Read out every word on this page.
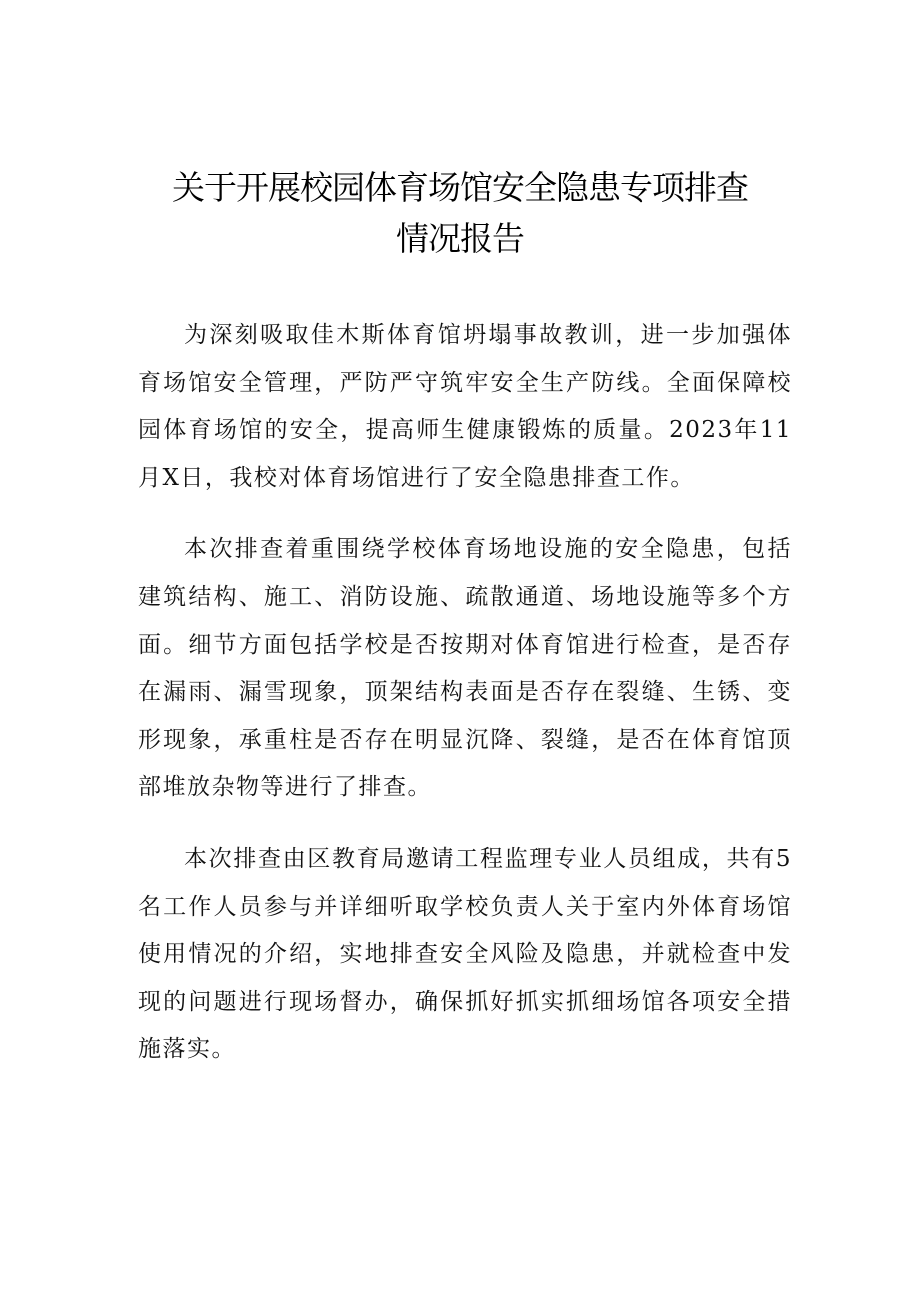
关于开展校园体育场馆安全隐患专项排查
情况报告

为深刻吸取佳木斯体育馆坍塌事故教训，进一步加强体育场馆安全管理，严防严守筑牢安全生产防线。全面保障校园体育场馆的安全，提高师生健康锻炼的质量。2023年11月X日，我校对体育场馆进行了安全隐患排查工作。

本次排查着重围绕学校体育场地设施的安全隐患，包括建筑结构、施工、消防设施、疏散通道、场地设施等多个方面。细节方面包括学校是否按期对体育馆进行检查，是否存在漏雨、漏雪现象，顶架结构表面是否存在裂缝、生锈、变形现象，承重柱是否存在明显沉降、裂缝，是否在体育馆顶部堆放杂物等进行了排查。

本次排查由区教育局邀请工程监理专业人员组成，共有5名工作人员参与并详细听取学校负责人关于室内外体育场馆使用情况的介绍，实地排查安全风险及隐患，并就检查中发现的问题进行现场督办，确保抓好抓实抓细场馆各项安全措施落实。
